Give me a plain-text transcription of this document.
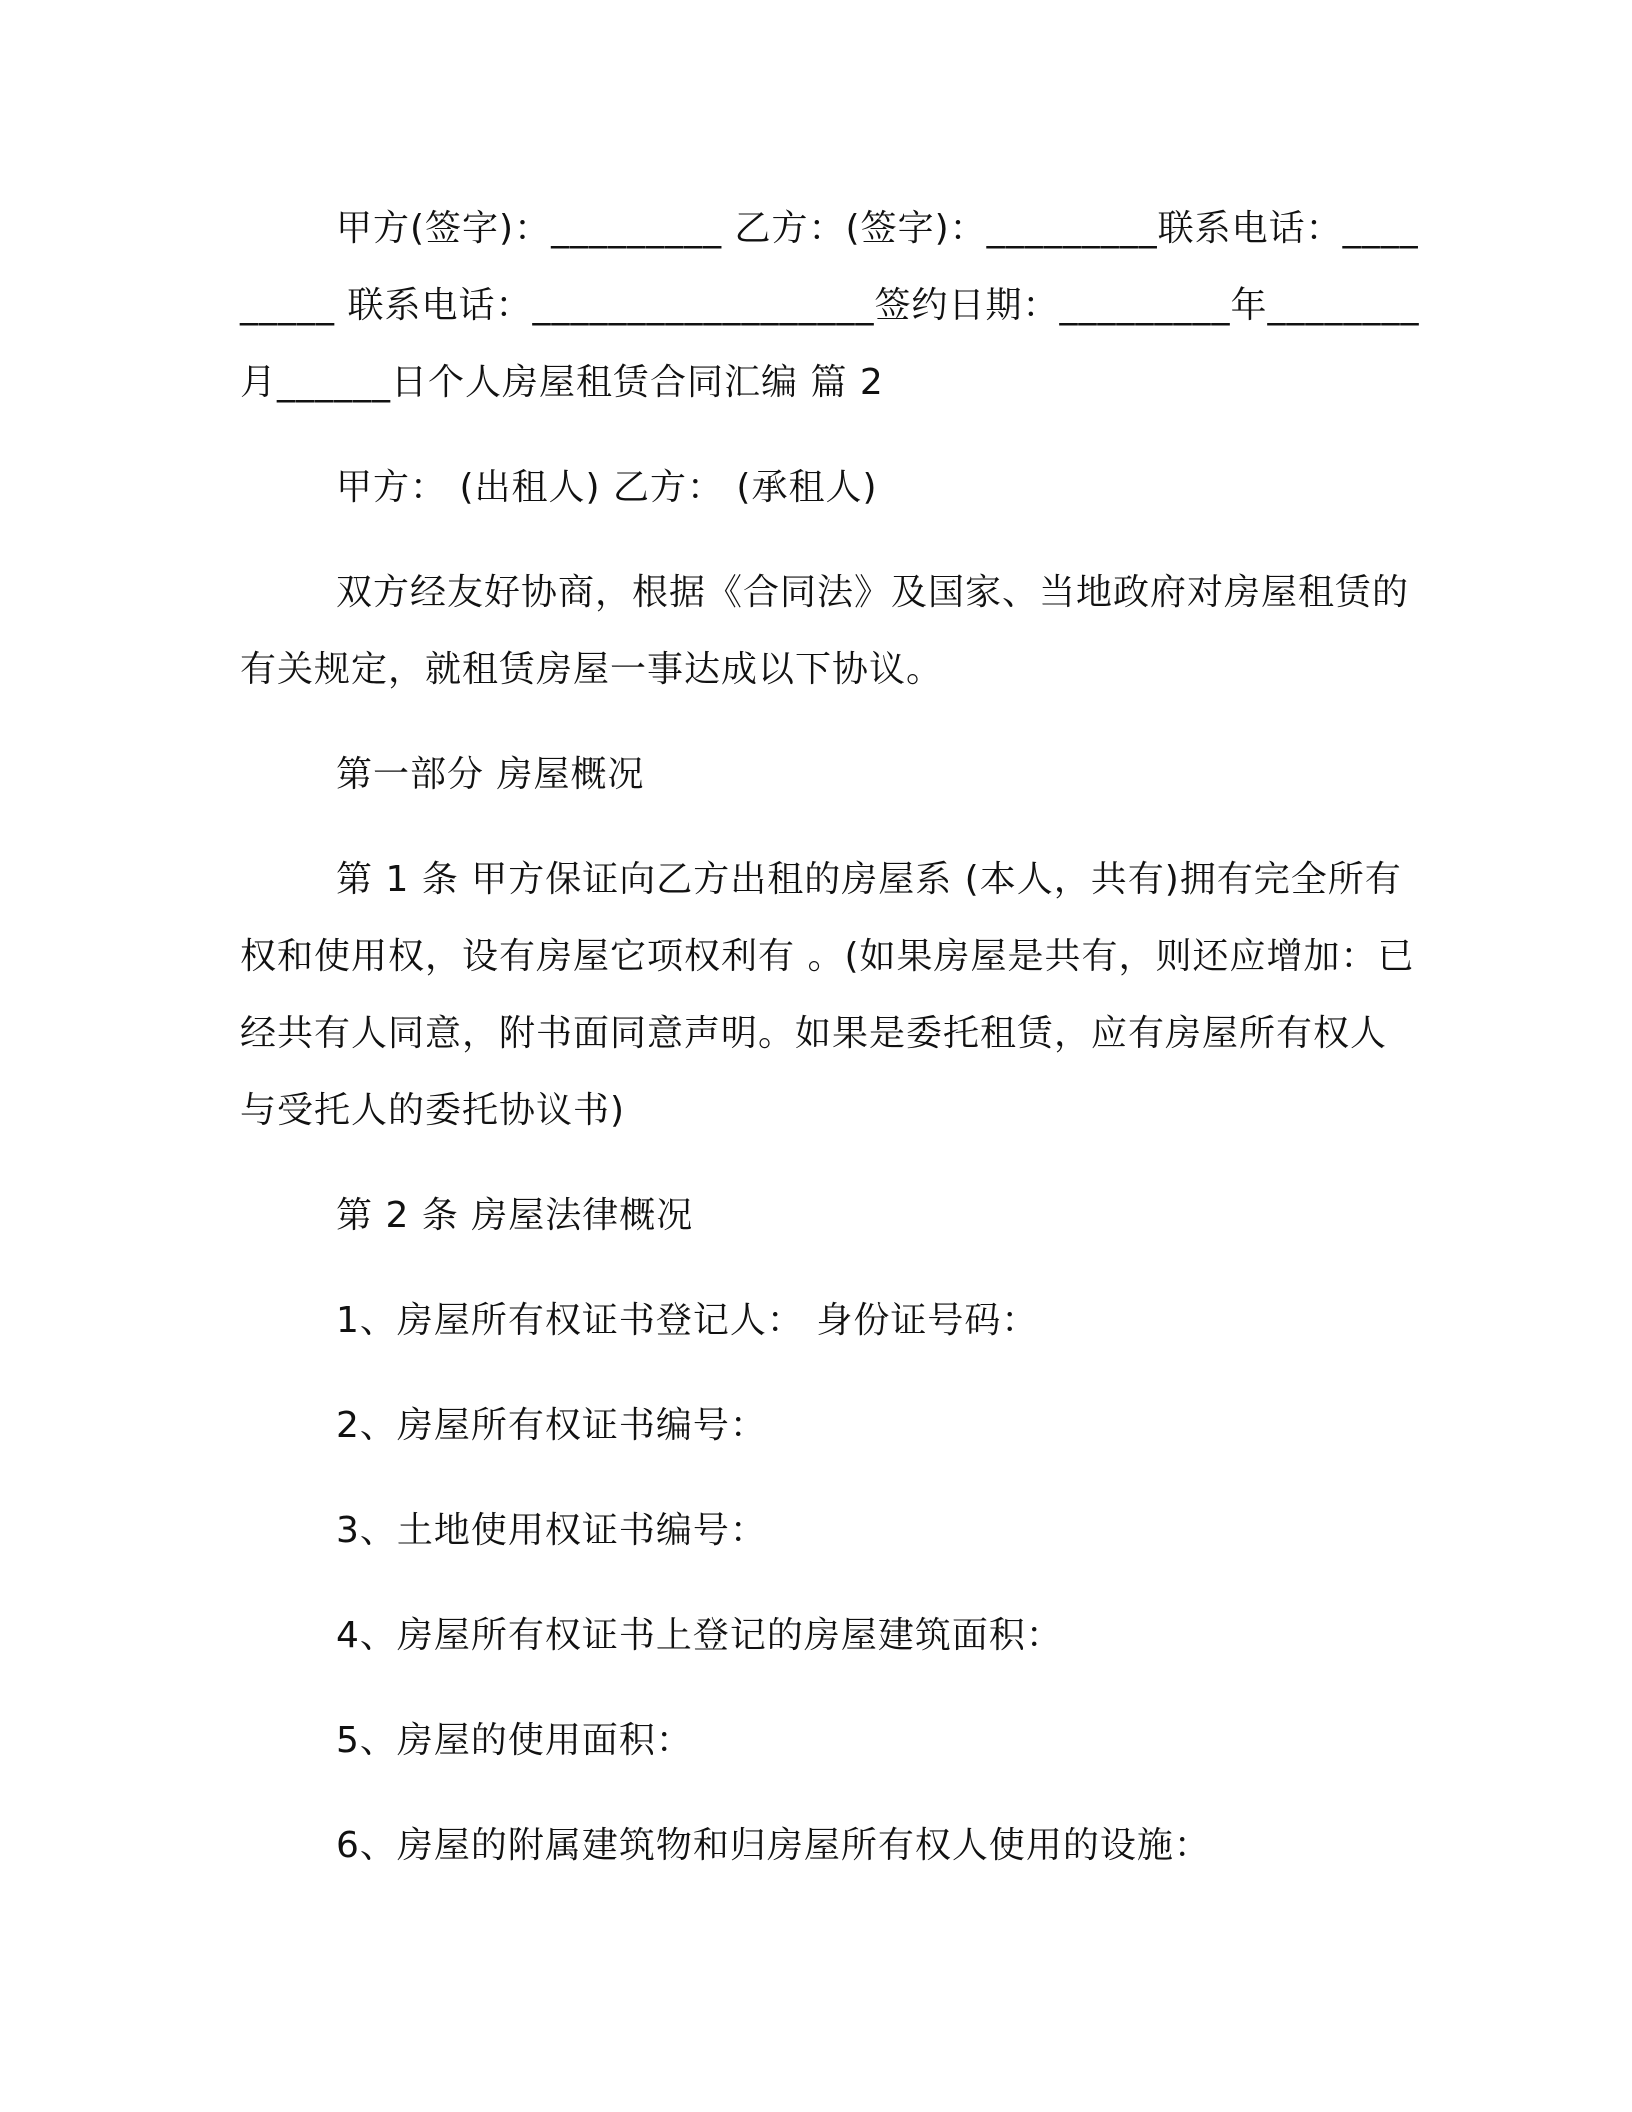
甲方(签字)：_________ 乙方：(签字)：_________联系电话：_________ 联系电话：__________________签约日期：_________年________月______日个人房屋租赁合同汇编 篇 2

甲方： (出租人) 乙方： (承租人)

双方经友好协商，根据《合同法》及国家、当地政府对房屋租赁的有关规定，就租赁房屋一事达成以下协议。

第一部分 房屋概况

第 1 条 甲方保证向乙方出租的房屋系 (本人，共有)拥有完全所有权和使用权，设有房屋它项权利有 。(如果房屋是共有，则还应增加：已经共有人同意，附书面同意声明。如果是委托租赁，应有房屋所有权人与受托人的委托协议书)

第 2 条 房屋法律概况

1、房屋所有权证书登记人： 身份证号码：

2、房屋所有权证书编号：

3、土地使用权证书编号：

4、房屋所有权证书上登记的房屋建筑面积：

5、房屋的使用面积：

6、房屋的附属建筑物和归房屋所有权人使用的设施：
